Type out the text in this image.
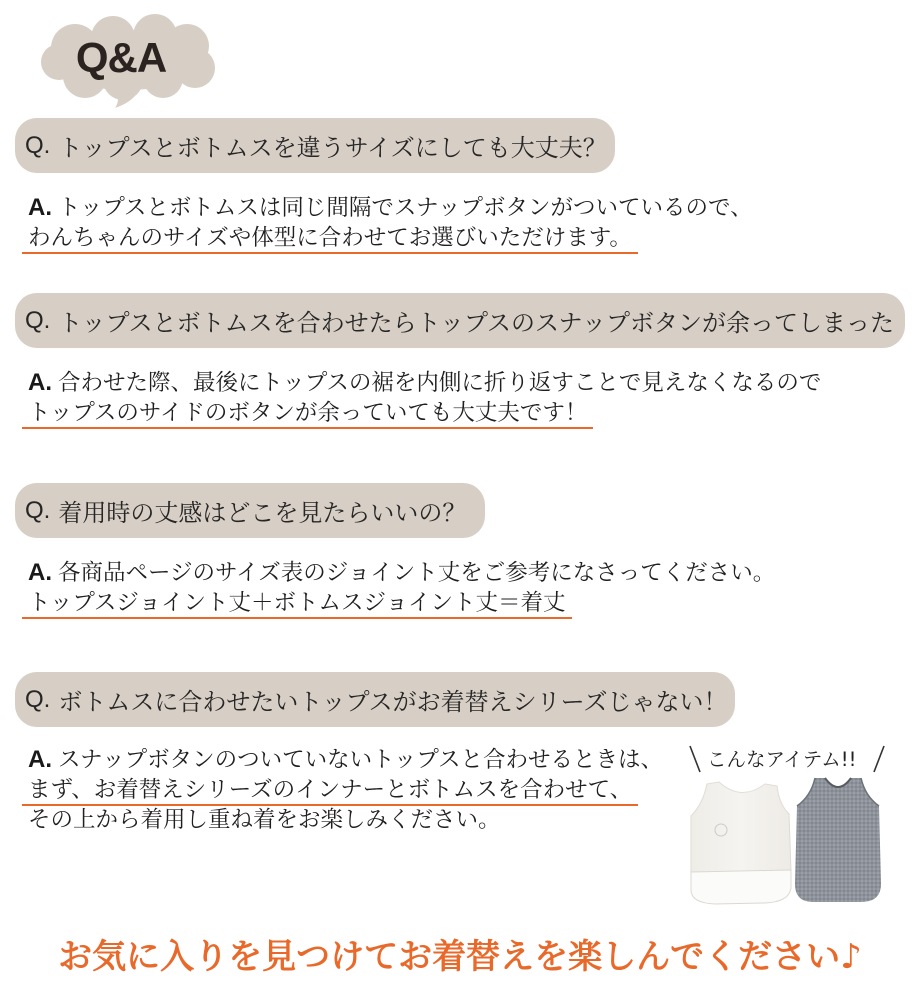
Q&A
Q. トップスとボトムスを違うサイズにしても大丈夫？
A. トップスとボトムスは同じ間隔でスナップボタンがついているので、
わんちゃんのサイズや体型に合わせてお選びいただけます。
Q. トップスとボトムスを合わせたらトップスのスナップボタンが余ってしまった
A. 合わせた際、最後にトップスの裾を内側に折り返すことで見えなくなるので
トップスのサイドのボタンが余っていても大丈夫です！
Q. 着用時の丈感はどこを見たらいいの？
A. 各商品ページのサイズ表のジョイント丈をご参考になさってください。
トップスジョイント丈＋ボトムスジョイント丈＝着丈
Q. ボトムスに合わせたいトップスがお着替えシリーズじゃない！
A. スナップボタンのついていないトップスと合わせるときは、
まず、お着替えシリーズのインナーとボトムスを合わせて、
その上から着用し重ね着をお楽しみください。
こんなアイテム!!
お気に入りを見つけてお着替えを楽しんでください♪
